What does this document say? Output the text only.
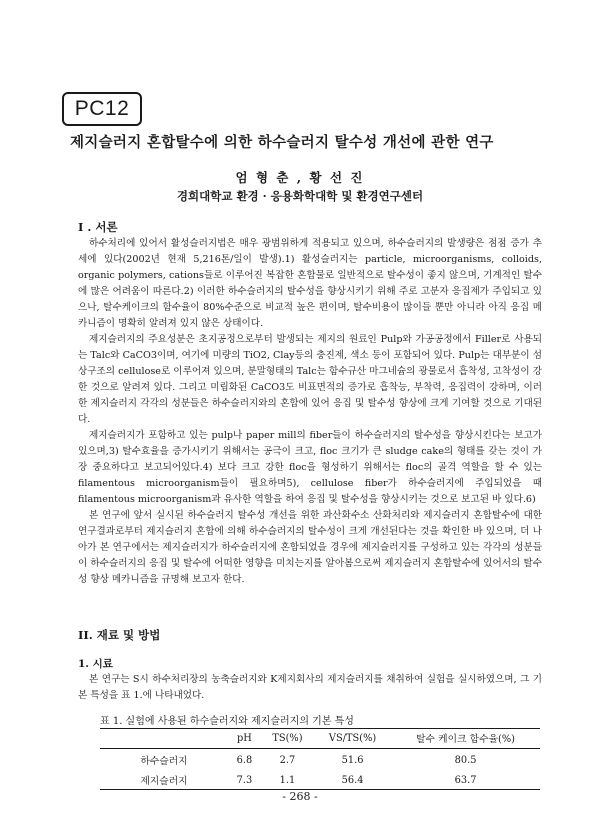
PC12
제지슬러지 혼합탈수에 의한 하수슬러지 탈수성 개선에 관한 연구
엄 형 춘 , 황 선 진
경희대학교 환경 · 응용화학대학 및 환경연구센터
I . 서론

하수처리에 있어서 활성슬러지법은 매우 광범위하게 적용되고 있으며, 하수슬러지의 발생량은 점점 증가 추세에 있다(2002년 현재 5,216톤/일이 발생).1) 활성슬러지는 particle, microorganisms, colloids, organic polymers, cations들로 이루어진 복잡한 혼합물로 일반적으로 탈수성이 좋지 않으며, 기계적인 탈수에 많은 어려움이 따른다.2) 이러한 하수슬러지의 탈수성을 향상시키기 위해 주로 고분자 응집제가 주입되고 있으나, 탈수케이크의 함수율이 80%수준으로 비교적 높은 편이며, 탈수비용이 많이들 뿐만 아니라 아직 응집 메카니즘이 명확히 알려져 있지 않은 상태이다.

제지슬러지의 주요성분은 초지공정으로부터 발생되는 제지의 원료인 Pulp와 가공공정에서 Filler로 사용되는 Talc와 CaCO3이며, 여기에 미량의 TiO2, Clay등의 충진제, 색소 등이 포함되어 있다. Pulp는 대부분이 섬상구조의 cellulose로 이루어져 있으며, 분말형태의 Talc는 함수규산 마그네슘의 광물로서 흡착성, 고착성이 강한 것으로 알려져 있다. 그리고 미립화된 CaCO3도 비표면적의 증가로 흡착능, 부착력, 응집력이 강하며, 이러한 제지슬러지 각각의 성분들은 하수슬러지와의 혼합에 있어 응집 및 탈수성 향상에 크게 기여할 것으로 기대된다.

제지슬러지가 포함하고 있는 pulp나 paper mill의 fiber들이 하수슬러지의 탈수성을 향상시킨다는 보고가 있으며,3) 탈수효율을 증가시키기 위해서는 공극이 크고, floc 크기가 큰 sludge cake의 형태를 갖는 것이 가장 중요하다고 보고되어있다.4) 보다 크고 강한 floc을 형성하기 위해서는 floc의 골격 역할을 할 수 있는 filamentous microorganism들이 필요하며5), cellulose fiber가 하수슬러지에 주입되었을 때 filamentous microorganism과 유사한 역할을 하여 응집 및 탈수성을 향상시키는 것으로 보고된 바 있다.6)

본 연구에 앞서 실시된 하수슬러지 탈수성 개선을 위한 과산화수소 산화처리와 제지슬러지 혼합탈수에 대한 연구결과로부터 제지슬러지 혼합에 의해 하수슬러지의 탈수성이 크게 개선된다는 것을 확인한 바 있으며, 더 나아가 본 연구에서는 제지슬러지가 하수슬러지에 혼합되었을 경우에 제지슬러지를 구성하고 있는 각각의 성분들이 하수슬러지의 응집 및 탈수에 어떠한 영향을 미치는지를 알아봄으로써 제지슬러지 혼합탈수에 있어서의 탈수성 향상 메카니즘을 규명해 보고자 한다.

II. 재료 및 방법
1. 시료

본 연구는 S시 하수처리장의 농축슬러지와 K제지회사의 제지슬러지를 채취하여 실험을 실시하였으며, 그 기본 특성을 표 1.에 나타내었다.

표 1. 실험에 사용된 하수슬러지와 제지슬러지의 기본 특성
	pH	TS(%)	VS/TS(%)	탈수 케이크 함수율(%)
하수슬러지	6.8	2.7	51.6	80.5
제지슬러지	7.3	1.1	56.4	63.7
- 268 -
